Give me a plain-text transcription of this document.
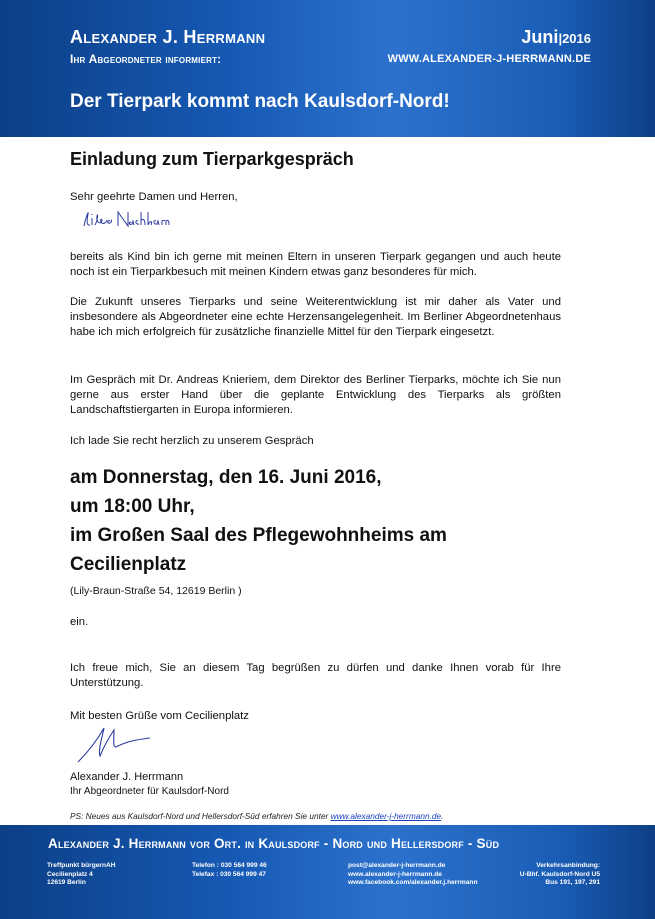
Alexander J. Herrmann
Ihr Abgeordneter informiert:
Juni|2016
WWW.ALEXANDER-J-HERRMANN.DE
Der Tierpark kommt nach Kaulsdorf-Nord!
Einladung zum Tierparkgespräch
Sehr geehrte Damen und Herren,
bereits als Kind bin ich gerne mit meinen Eltern in unseren Tierpark gegangen und auch heute noch ist ein Tierparkbesuch mit meinen Kindern etwas ganz besonderes für mich.
Die Zukunft unseres Tierparks und seine Weiterentwicklung ist mir daher als Vater und insbesondere als Abgeordneter eine echte Herzensangelegenheit. Im Berliner Abgeordnetenhaus habe ich mich erfolgreich für zusätzliche finanzielle Mittel für den Tierpark eingesetzt.
Im Gespräch mit Dr. Andreas Knieriem, dem Direktor des Berliner Tierparks, möchte ich Sie nun gerne aus erster Hand über die geplante Entwicklung des Tierparks als größten Landschaftstiergarten in Europa informieren.
Ich lade Sie recht herzlich zu unserem Gespräch
am Donnerstag, den 16. Juni 2016,
um 18:00 Uhr,
im Großen Saal des Pflegewohnheims am
Cecilienplatz
(Lily-Braun-Straße 54, 12619 Berlin )
ein.
Ich freue mich, Sie an diesem Tag begrüßen zu dürfen und danke Ihnen vorab für Ihre Unterstützung.
Mit besten Grüße vom Cecilienplatz
Alexander J. Herrmann
Ihr Abgeordneter für Kaulsdorf-Nord
PS: Neues aus Kaulsdorf-Nord und Hellersdorf-Süd erfahren Sie unter www.alexander-j-herrmann.de.
Alexander J. Herrmann vor Ort. in Kaulsdorf - Nord und Hellersdorf - Süd
Treffpunkt bürgernAH
Cecilienplatz 4
12619 Berlin
Telefon : 030 564 999 46
Telefax : 030 564 999 47
post@alexander-j-herrmann.de
www.alexander-j-herrmann.de
www.facebook.com/alexander.j.herrmann
Verkehrsanbindung:
U-Bhf. Kaulsdorf-Nord U5
Bus 191, 197, 291
